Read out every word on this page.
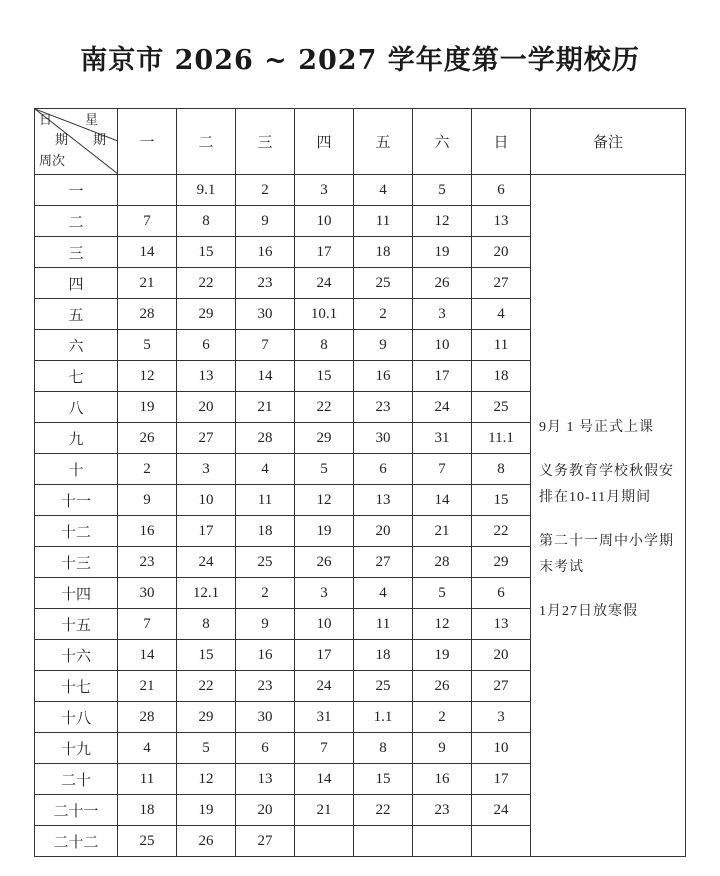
南京市 2026 ~ 2027 学年度第一学期校历
日 星
期 期
周次	一	二	三	四	五	六	日	备注
一		9.1	2	3	4	5	6	9月 1 号正式上课

义务教育学校秋假安排在10-11月期间

第二十一周中小学期末考试

1月27日放寒假

二	7	8	9	10	11	12	13	
三	14	15	16	17	18	19	20	
四	21	22	23	24	25	26	27	
五	28	29	30	10.1	2	3	4	
六	5	6	7	8	9	10	11	
七	12	13	14	15	16	17	18	
八	19	20	21	22	23	24	25	
九	26	27	28	29	30	31	11.1	
十	2	3	4	5	6	7	8	
十一	9	10	11	12	13	14	15	
十二	16	17	18	19	20	21	22	
十三	23	24	25	26	27	28	29	
十四	30	12.1	2	3	4	5	6	
十五	7	8	9	10	11	12	13	
十六	14	15	16	17	18	19	20	
十七	21	22	23	24	25	26	27	
十八	28	29	30	31	1.1	2	3	
十九	4	5	6	7	8	9	10	
二十	11	12	13	14	15	16	17	
二十一	18	19	20	21	22	23	24	
二十二	25	26	27					
